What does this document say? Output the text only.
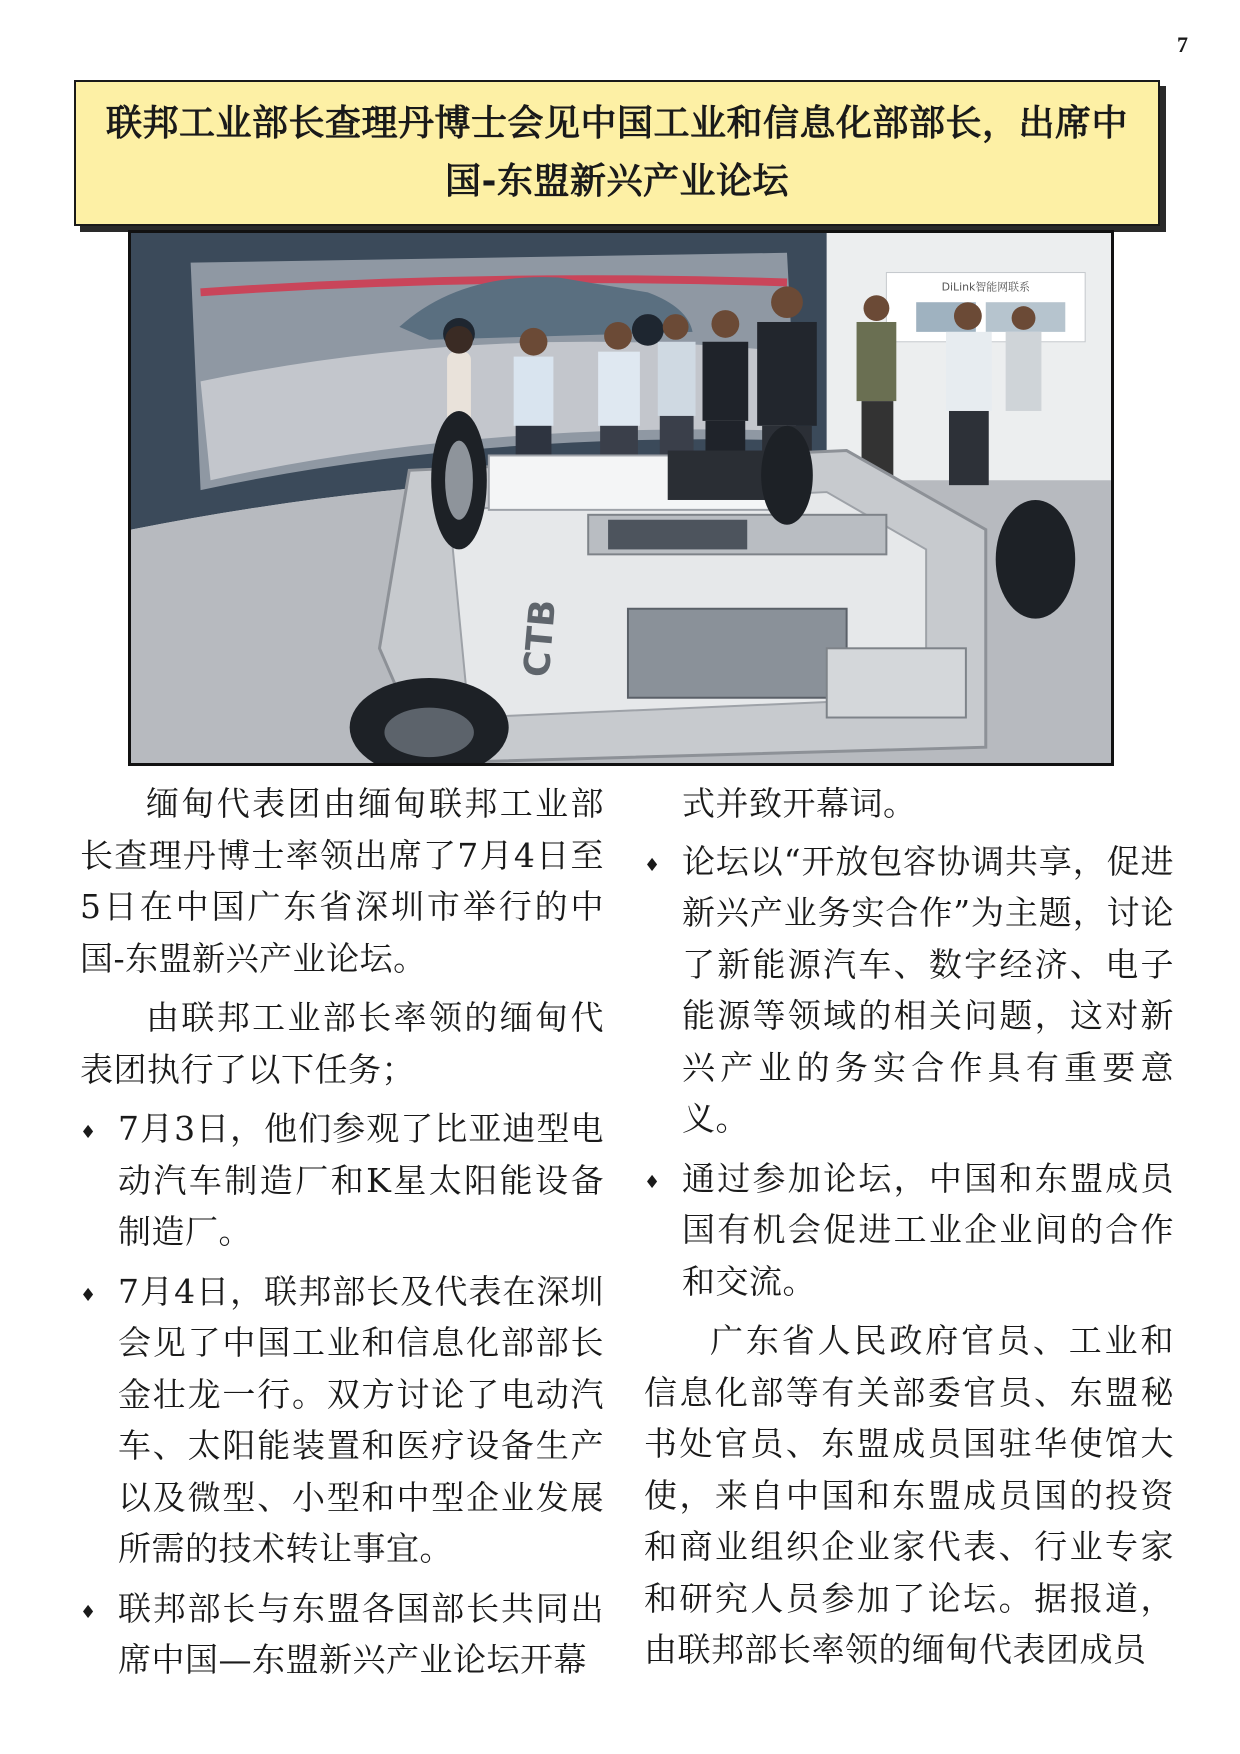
7
联邦工业部长查理丹博士会见中国工业和信息化部部长，出席中国-东盟新兴产业论坛
DiLink智能网联系
CTB

缅甸代表团由缅甸联邦工业部长查理丹博士率领出席了7月4日至5日在中国广东省深圳市举行的中国-东盟新兴产业论坛。

由联邦工业部长率领的缅甸代表团执行了以下任务；

♦ 7月3日，他们参观了比亚迪型电动汽车制造厂和K星太阳能设备制造厂。
♦ 7月4日，联邦部长及代表在深圳会见了中国工业和信息化部部长金壮龙一行。双方讨论了电动汽车、太阳能装置和医疗设备生产以及微型、小型和中型企业发展所需的技术转让事宜。
♦ 联邦部长与东盟各国部长共同出席中国—东盟新兴产业论坛开幕
式并致开幕词。
♦ 论坛以“开放包容协调共享，促进新兴产业务实合作”为主题，讨论了新能源汽车、数字经济、电子能源等领域的相关问题，这对新兴产业的务实合作具有重要意义。
♦ 通过参加论坛，中国和东盟成员国有机会促进工业企业间的合作和交流。

广东省人民政府官员、工业和信息化部等有关部委官员、东盟秘书处官员、东盟成员国驻华使馆大使，来自中国和东盟成员国的投资和商业组织企业家代表、行业专家和研究人员参加了论坛。据报道，由联邦部长率领的缅甸代表团成员
